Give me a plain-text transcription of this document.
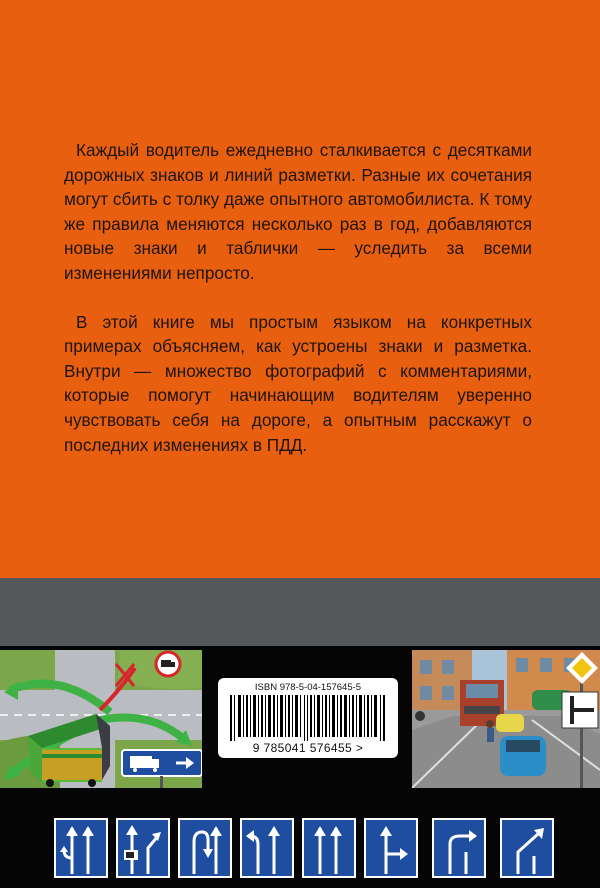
Каждый водитель ежедневно сталкивается с десятками дорожных знаков и линий разметки. Разные их сочетания могут сбить с толку даже опытного автомобилиста. К тому же правила меняются несколько раз в год, добавляются новые знаки и таблички — уследить за всеми изменениями непросто.

В этой книге мы простым языком на конкретных примерах объясняем, как устроены знаки и разметка. Внутри — множество фотографий с комментариями, которые помогут начинающим водителям уверенно чувствовать себя на дороге, а опытным расскажут о последних изменениях в ПДД.

ISBN 978-5-04-157645-5
9 785041 576455 >
